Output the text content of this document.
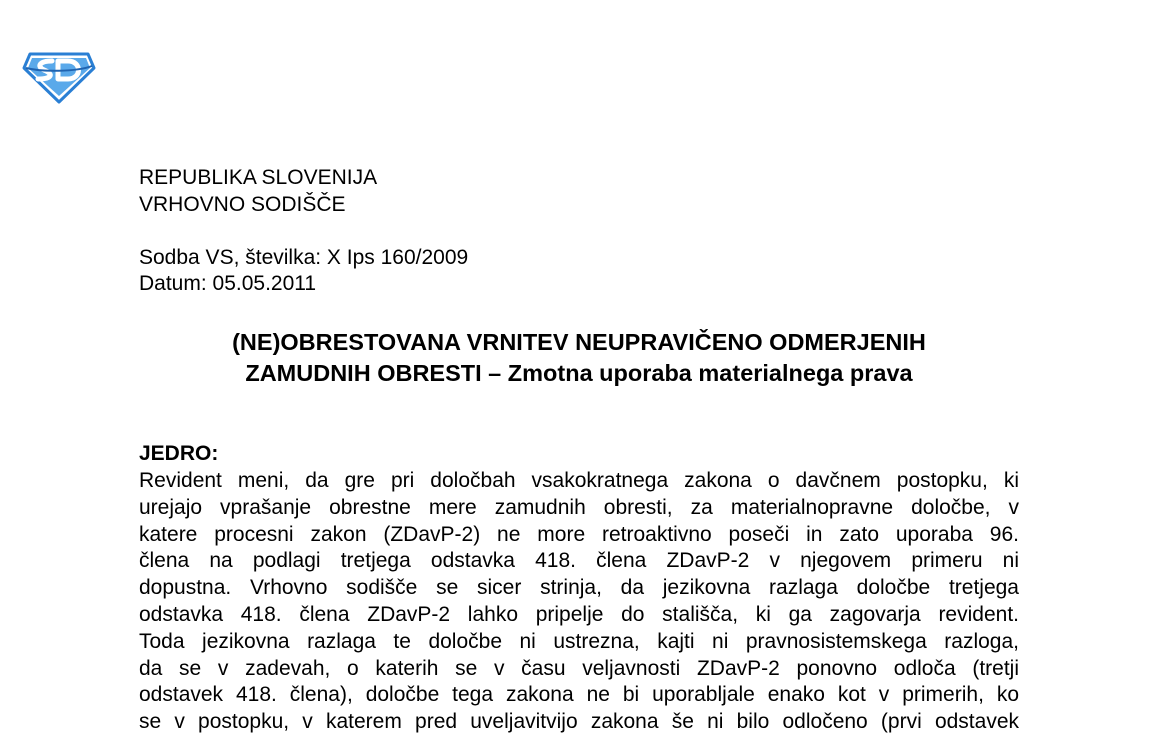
REPUBLIKA SLOVENIJA
VRHOVNO SODIŠČE
Sodba VS, številka: X Ips 160/2009
Datum: 05.05.2011
(NE)OBRESTOVANA VRNITEV NEUPRAVIČENO ODMERJENIH
ZAMUDNIH OBRESTI – Zmotna uporaba materialnega prava
JEDRO:
Revident meni, da gre pri določbah vsakokratnega zakona o davčnem postopku, ki
urejajo vprašanje obrestne mere zamudnih obresti, za materialnopravne določbe, v
katere procesni zakon (ZDavP-2) ne more retroaktivno poseči in zato uporaba 96.
člena na podlagi tretjega odstavka 418. člena ZDavP-2 v njegovem primeru ni
dopustna. Vrhovno sodišče se sicer strinja, da jezikovna razlaga določbe tretjega
odstavka 418. člena ZDavP-2 lahko pripelje do stališča, ki ga zagovarja revident.
Toda jezikovna razlaga te določbe ni ustrezna, kajti ni pravnosistemskega razloga,
da se v zadevah, o katerih se v času veljavnosti ZDavP-2 ponovno odloča (tretji
odstavek 418. člena), določbe tega zakona ne bi uporabljale enako kot v primerih, ko
se v postopku, v katerem pred uveljavitvijo zakona še ni bilo odločeno (prvi odstavek
